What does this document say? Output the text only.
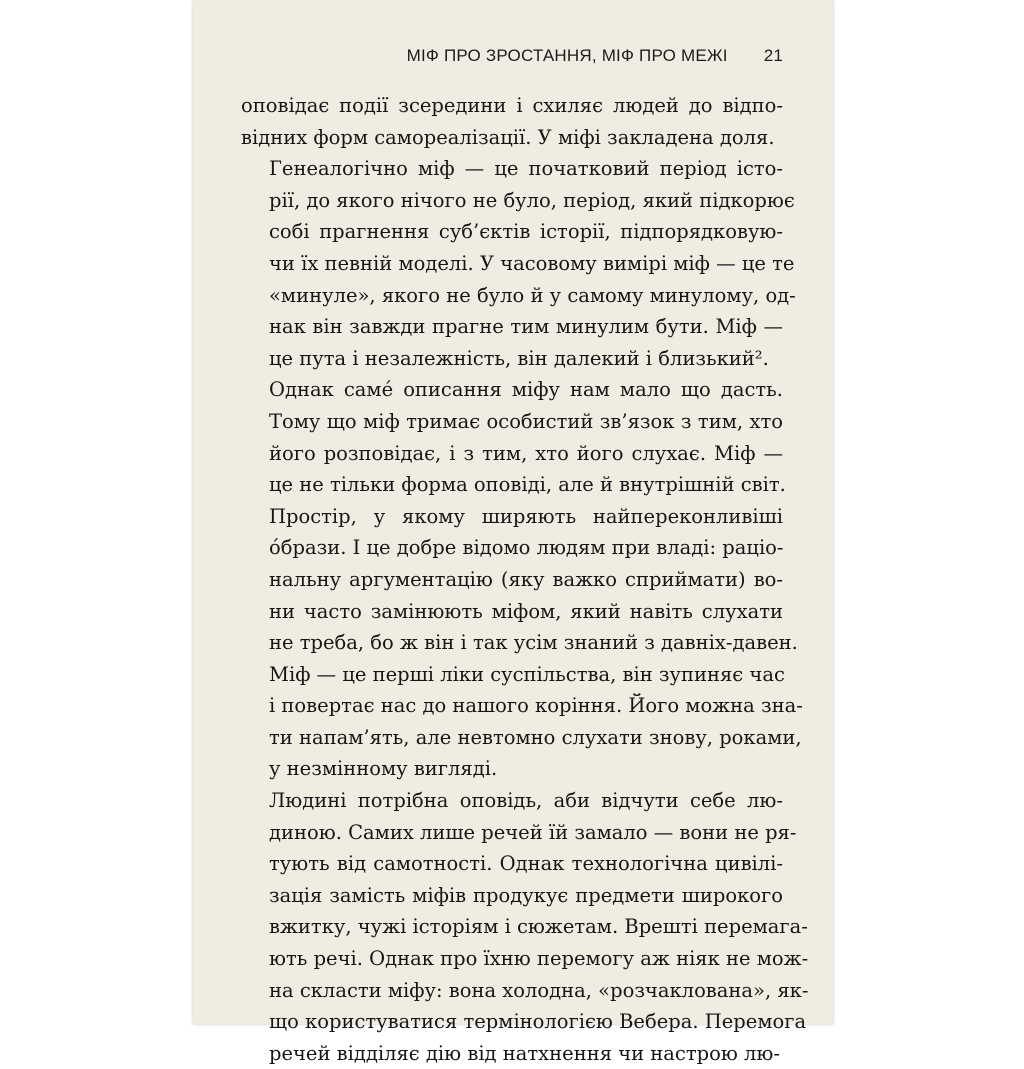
МІФ ПРО ЗРОСТАННЯ, МІФ ПРО МЕЖІ 21

оповідає події зсередини і схиляє людей до відпо-
відних форм самореалізації. У міфі закладена доля.

Генеалогічно міф — це початковий період істо-
рії, до якого нічого не було, період, який підкорює
собі прагнення суб’єктів історії, підпорядковую-
чи їх певній моделі. У часовому вимірі міф — це те
«минуле», якого не було й у самому минулому, од-
нак він завжди прагне тим минулим бути. Міф —
це пута і незалежність, він далекий і близький².

Однак самé описання міфу нам мало що дасть.
Тому що міф тримає особистий зв’язок з тим, хто
його розповідає, і з тим, хто його слухає. Міф —
це не тільки форма оповіді, але й внутрішній світ.
Простір, у якому ширяють найпереконливіші
óбрази. І це добре відомо людям при владі: раціо-
нальну аргументацію (яку важко сприймати) во-
ни часто замінюють міфом, який навіть слухати
не треба, бо ж він і так усім знаний з давніх-давен.
Міф — це перші ліки суспільства, він зупиняє час
і повертає нас до нашого коріння. Його можна зна-
ти напам’ять, але невтомно слухати знову, роками,
у незмінному вигляді.

Людині потрібна оповідь, аби відчути себе лю-
диною. Самих лише речей їй замало — вони не ря-
тують від самотності. Однак технологічна цивілі-
зація замість міфів продукує предмети широкого
вжитку, чужі історіям і сюжетам. Врешті перемага-
ють речі. Однак про їхню перемогу аж ніяк не мож-
на скласти міфу: вона холодна, «розчаклована», як-
що користуватися термінологією Вебера. Перемога
речей відділяє дію від натхнення чи настрою лю-
